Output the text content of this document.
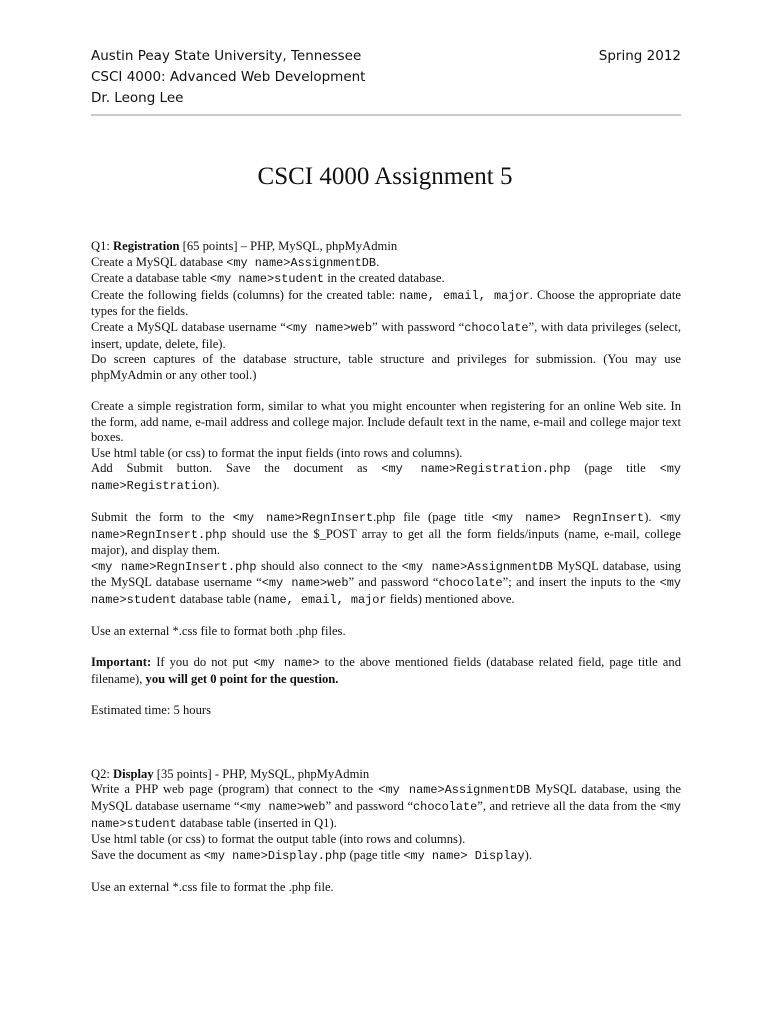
Austin Peay State University, Tennessee
CSCI 4000: Advanced Web Development
Dr. Leong Lee
Spring 2012
CSCI 4000 Assignment 5

Q1: Registration [65 points] – PHP, MySQL, phpMyAdmin

Create a MySQL database <my name>AssignmentDB.

Create a database table <my name>student in the created database.

Create the following fields (columns) for the created table: name, email, major. Choose the appropriate date types for the fields.

Create a MySQL database username “<my name>web” with password “chocolate”, with data privileges (select, insert, update, delete, file).

Do screen captures of the database structure, table structure and privileges for submission. (You may use phpMyAdmin or any other tool.)

Create a simple registration form, similar to what you might encounter when registering for an online Web site. In the form, add name, e-mail address and college major. Include default text in the name, e-mail and college major text boxes.

Use html table (or css) to format the input fields (into rows and columns).

Add Submit button. Save the document as <my name>Registration.php (page title <my name>Registration).

Submit the form to the <my name>RegnInsert.php file (page title <my name> RegnInsert). <my name>RegnInsert.php should use the $_POST array to get all the form fields/inputs (name, e-mail, college major), and display them.

<my name>RegnInsert.php should also connect to the <my name>AssignmentDB MySQL database, using the MySQL database username “<my name>web” and password “chocolate”; and insert the inputs to the <my name>student database table (name, email, major fields) mentioned above.

Use an external *.css file to format both .php files.

Important: If you do not put <my name> to the above mentioned fields (database related field, page title and filename), you will get 0 point for the question.

Estimated time: 5 hours

Q2: Display [35 points] - PHP, MySQL, phpMyAdmin

Write a PHP web page (program) that connect to the <my name>AssignmentDB MySQL database, using the MySQL database username “<my name>web” and password “chocolate”, and retrieve all the data from the <my name>student database table (inserted in Q1).

Use html table (or css) to format the output table (into rows and columns).

Save the document as <my name>Display.php (page title <my name> Display).

Use an external *.css file to format the .php file.
